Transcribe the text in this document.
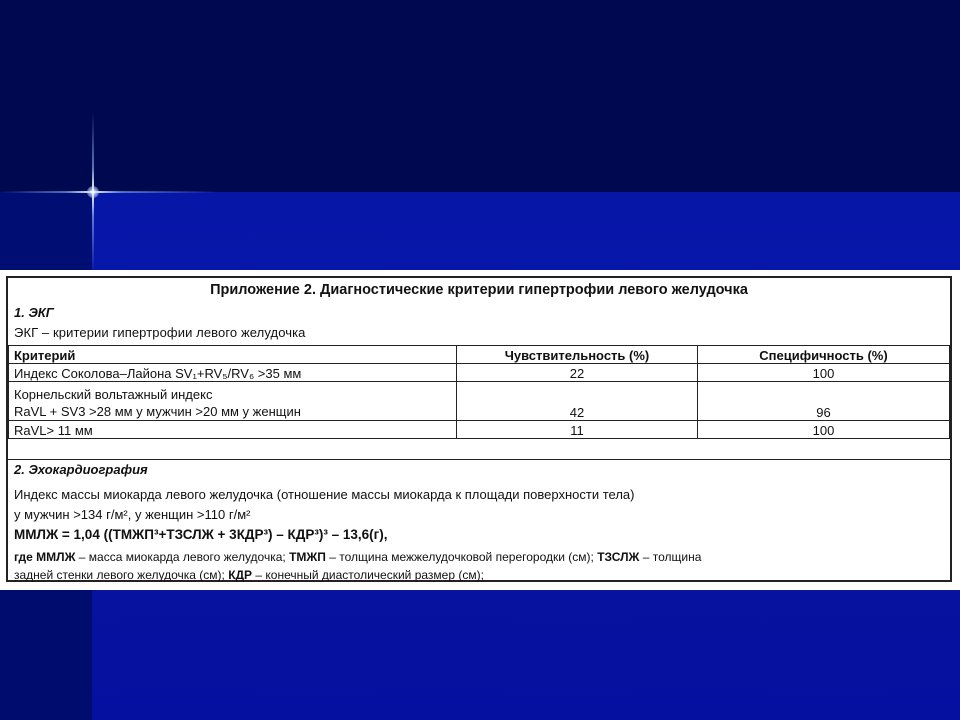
Приложение 2. Диагностические критерии гипертрофии левого желудочка
1. ЭКГ
ЭКГ – критерии гипертрофии левого желудочка
Критерий	Чувствительность (%)	Специфичность (%)
Индекс Соколова–Лайона SV₁+RV₅/RV₆ >35 мм	22	100

Корнельский вольтажный индекс
RaVL + SV3 >28 мм у мужчин >20 мм у женщин	42	96
RaVL> 11 мм	11	100
2. Эхокардиография
Индекс массы миокарда левого желудочка (отношение массы миокарда к площади поверхности тела)
у мужчин >134 г/м², у женщин >110 г/м²
ММЛЖ = 1,04 ((ТМЖП³+ТЗСЛЖ + 3КДР³) – КДР³)³ – 13,6(г),
где ММЛЖ – масса миокарда левого желудочка; ТМЖП – толщина межжелудочковой перегородки (см); ТЗСЛЖ – толщина
задней стенки левого желудочка (см); КДР – конечный диастолический размер (см);
